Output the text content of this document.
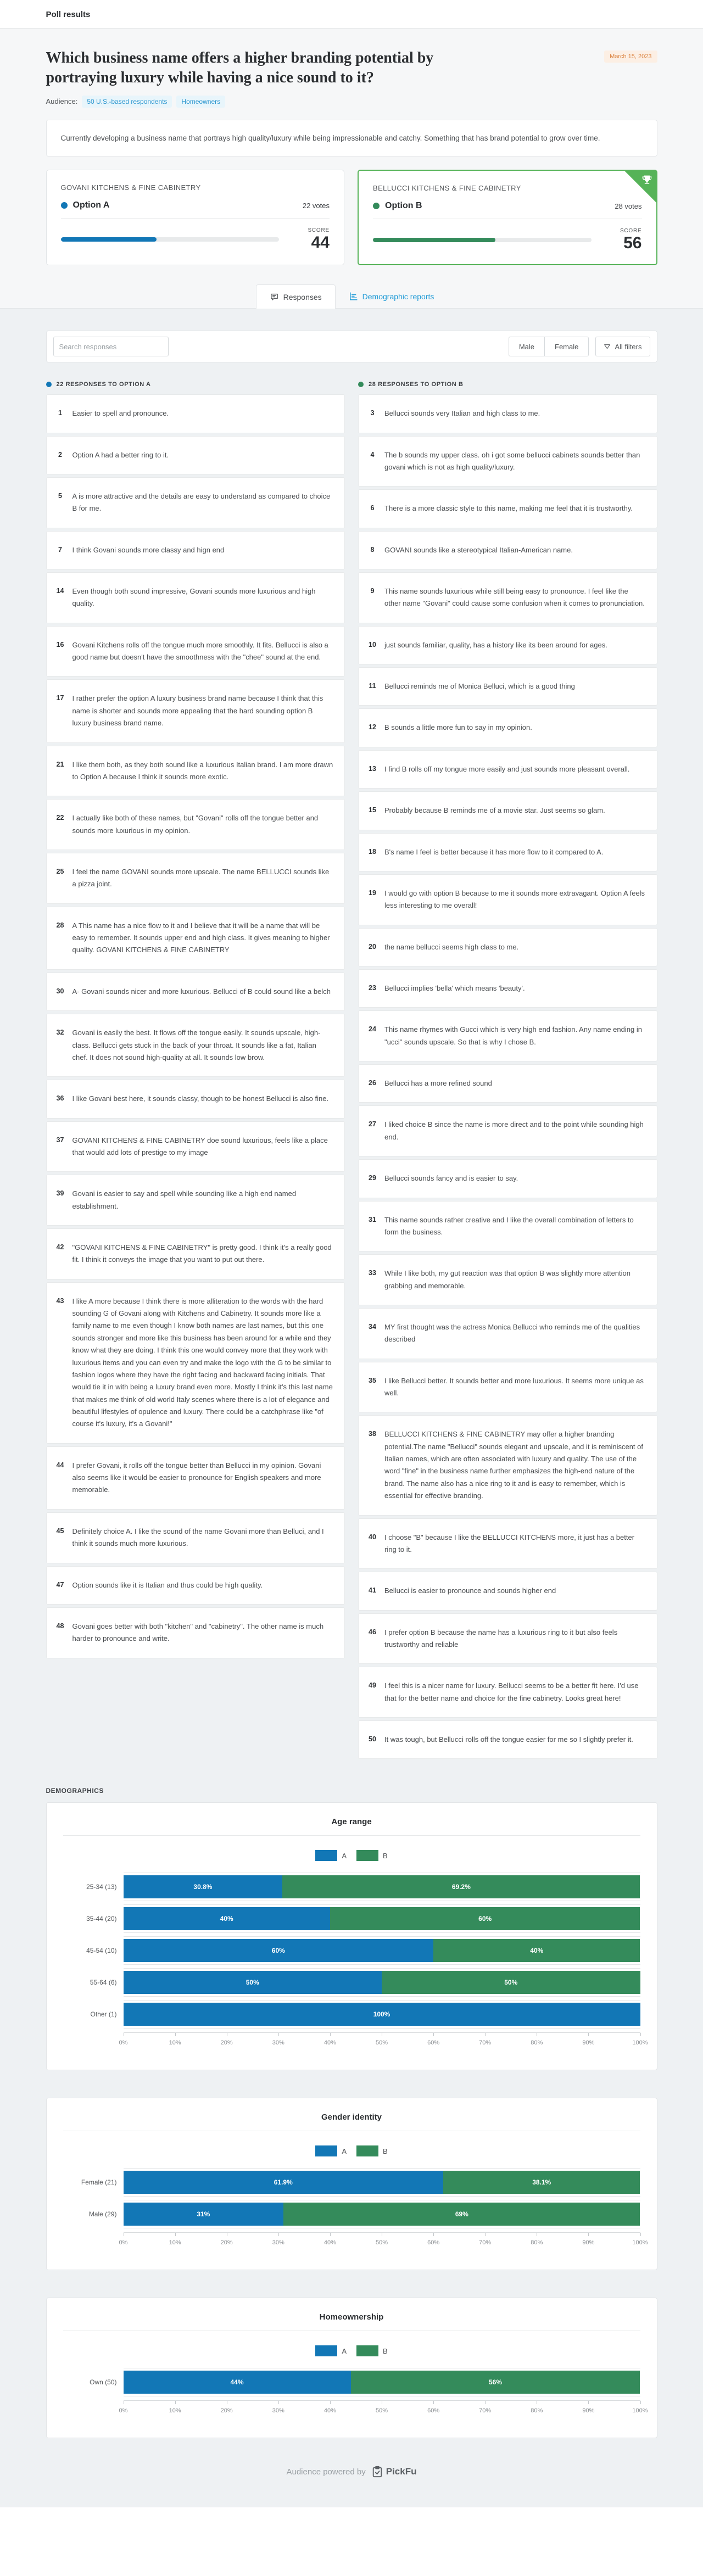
Poll results
Which business name offers a higher branding potential by portraying luxury while having a nice sound to it?
March 15, 2023
Audience:	50 U.S.-based respondents	Homeowners

Currently developing a business name that portrays high quality/luxury while being impressionable and catchy. Something that has brand potential to grow over time.

GOVANI KITCHENS & FINE CABINETRY
Option A	22 votes
SCORE
44
BELLUCCI KITCHENS & FINE CABINETRY
Option B	28 votes
SCORE
56
Responses	Demographic reports
Search responses
Male	Female	All filters
22 RESPONSES TO OPTION A
1	Easier to spell and pronounce.
2	Option A had a better ring to it.
5	A is more attractive and the details are easy to understand as compared to choice B for me.
7	I think Govani sounds more classy and hign end
14	Even though both sound impressive, Govani sounds more luxurious and high quality.
16	Govani Kitchens rolls off the tongue much more smoothly. It fits. Bellucci is also a good name but doesn't have the smoothness with the "chee" sound at the end.
17	I rather prefer the option A luxury business brand name because I think that this name is shorter and sounds more appealing that the hard sounding option B luxury business brand name.
21	I like them both, as they both sound like a luxurious Italian brand. I am more drawn to Option A because I think it sounds more exotic.
22	I actually like both of these names, but "Govani" rolls off the tongue better and sounds more luxurious in my opinion.
25	I feel the name GOVANI sounds more upscale. The name BELLUCCI sounds like a pizza joint.
28	A This name has a nice flow to it and I believe that it will be a name that will be easy to remember. It sounds upper end and high class. It gives meaning to higher quality. GOVANI KITCHENS & FINE CABINETRY
30	A- Govani sounds nicer and more luxurious. Bellucci of B could sound like a belch
32	Govani is easily the best. It flows off the tongue easily. It sounds upscale, high-class. Bellucci gets stuck in the back of your throat. It sounds like a fat, Italian chef. It does not sound high-quality at all. It sounds low brow.
36	I like Govani best here, it sounds classy, though to be honest Bellucci is also fine.
37	GOVANI KITCHENS & FINE CABINETRY doe sound luxurious, feels like a place that would add lots of prestige to my image
39	Govani is easier to say and spell while sounding like a high end named establishment.
42	"GOVANI KITCHENS & FINE CABINETRY" is pretty good. I think it's a really good fit. I think it conveys the image that you want to put out there.
43	I like A more because I think there is more alliteration to the words with the hard sounding G of Govani along with Kitchens and Cabinetry. It sounds more like a family name to me even though I know both names are last names, but this one sounds stronger and more like this business has been around for a while and they know what they are doing. I think this one would convey more that they work with luxurious items and you can even try and make the logo with the G to be similar to fashion logos where they have the right facing and backward facing initials. That would tie it in with being a luxury brand even more. Mostly I think it's this last name that makes me think of old world Italy scenes where there is a lot of elegance and beautiful lifestyles of opulence and luxury. There could be a catchphrase like "of course it's luxury, it's a Govani!"
44	I prefer Govani, it rolls off the tongue better than Bellucci in my opinion. Govani also seems like it would be easier to pronounce for English speakers and more memorable.
45	Definitely choice A. I like the sound of the name Govani more than Belluci, and I think it sounds much more luxurious.
47	Option sounds like it is Italian and thus could be high quality.
48	Govani goes better with both "kitchen" and "cabinetry". The other name is much harder to pronounce and write.
28 RESPONSES TO OPTION B
3	Bellucci sounds very Italian and high class to me.
4	The b sounds my upper class. oh i got some bellucci cabinets sounds better than govani which is not as high quality/luxury.
6	There is a more classic style to this name, making me feel that it is trustworthy.
8	GOVANI sounds like a stereotypical Italian-American name.
9	This name sounds luxurious while still being easy to pronounce. I feel like the other name "Govani" could cause some confusion when it comes to pronunciation.
10	just sounds familiar, quality, has a history like its been around for ages.
11	Bellucci reminds me of Monica Belluci, which is a good thing
12	B sounds a little more fun to say in my opinion.
13	I find B rolls off my tongue more easily and just sounds more pleasant overall.
15	Probably because B reminds me of a movie star. Just seems so glam.
18	B's name I feel is better because it has more flow to it compared to A.
19	I would go with option B because to me it sounds more extravagant. Option A feels less interesting to me overall!
20	the name bellucci seems high class to me.
23	Bellucci implies 'bella' which means 'beauty'.
24	This name rhymes with Gucci which is very high end fashion. Any name ending in "ucci" sounds upscale. So that is why I chose B.
26	Bellucci has a more refined sound
27	I liked choice B since the name is more direct and to the point while sounding high end.
29	Bellucci sounds fancy and is easier to say.
31	This name sounds rather creative and I like the overall combination of letters to form the business.
33	While I like both, my gut reaction was that option B was slightly more attention grabbing and memorable.
34	MY first thought was the actress Monica Bellucci who reminds me of the qualities described
35	I like Bellucci better. It sounds better and more luxurious. It seems more unique as well.
38	BELLUCCI KITCHENS & FINE CABINETRY may offer a higher branding potential.The name "Bellucci" sounds elegant and upscale, and it is reminiscent of Italian names, which are often associated with luxury and quality. The use of the word "fine" in the business name further emphasizes the high-end nature of the brand. The name also has a nice ring to it and is easy to remember, which is essential for effective branding.
40	I choose "B" because I like the BELLUCCI KITCHENS more, it just has a better ring to it.
41	Bellucci is easier to pronounce and sounds higher end
46	I prefer option B because the name has a luxurious ring to it but also feels trustworthy and reliable
49	I feel this is a nicer name for luxury. Bellucci seems to be a better fit here. I'd use that for the better name and choice for the fine cabinetry. Looks great here!
50	It was tough, but Bellucci rolls off the tongue easier for me so I slightly prefer it.
DEMOGRAPHICS
Age range
A	B
25-34 (13)	30.8%	69.2%
35-44 (20)	40%	60%
45-54 (10)	60%	40%
55-64 (6)	50%	50%
Other (1)	100%
0%	10%	20%	30%	40%	50%	60%	70%	80%	90%	100%
Gender identity
A	B
Female (21)	61.9%	38.1%
Male (29)	31%	69%
0%	10%	20%	30%	40%	50%	60%	70%	80%	90%	100%
Homeownership
A	B
Own (50)	44%	56%
0%	10%	20%	30%	40%	50%	60%	70%	80%	90%	100%
Audience powered by PickFu
